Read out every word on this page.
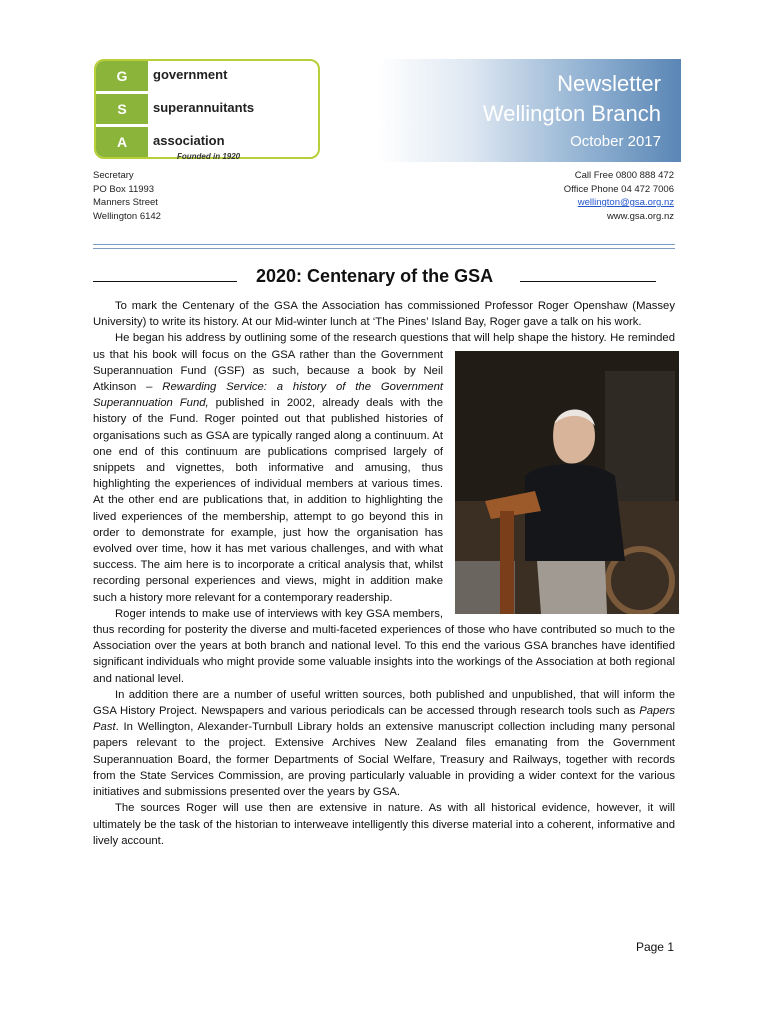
G	government
S	superannuitants
A	association
Founded in 1920
Newsletter
Wellington Branch
October 2017
Secretary
PO Box 11993
Manners Street
Wellington 6142
Call Free 0800 888 472
Office Phone 04 472 7006
wellington@gsa.org.nz
www.gsa.org.nz
2020: Centenary of the GSA

To mark the Centenary of the GSA the Association has commissioned Professor Roger Openshaw (Massey University) to write its history. At our Mid-winter lunch at ‘The Pines’ Island Bay, Roger gave a talk on his work.

He began his address by outlining some of the research questions that will help shape the history. He reminded us that his book will focus on the GSA rather than the Government Superannuation Fund (GSF) as such, because a book by Neil Atkinson – Rewarding Service: a history of the Government Superannuation Fund, published in 2002, already deals with the history of the Fund. Roger pointed out that published histories of organisations such as GSA are typically ranged along a continuum. At one end of this continuum are publications comprised largely of snippets and vignettes, both informative and amusing, thus highlighting the experiences of individual members at various times. At the other end are publications that, in addition to highlighting the lived experiences of the membership, attempt to go beyond this in order to demonstrate for example, just how the organisation has evolved over time, how it has met various challenges, and with what success. The aim here is to incorporate a critical analysis that, whilst recording personal experiences and views, might in addition make such a history more relevant for a contemporary readership.

Roger intends to make use of interviews with key GSA members, thus recording for posterity the diverse and multi-faceted experiences of those who have contributed so much to the Association over the years at both branch and national level. To this end the various GSA branches have identified significant individuals who might provide some valuable insights into the workings of the Association at both regional and national level.

In addition there are a number of useful written sources, both published and unpublished, that will inform the GSA History Project. Newspapers and various periodicals can be accessed through research tools such as Papers Past. In Wellington, Alexander-Turnbull Library holds an extensive manuscript collection including many personal papers relevant to the project. Extensive Archives New Zealand files emanating from the Government Superannuation Board, the former Departments of Social Welfare, Treasury and Railways, together with records from the State Services Commission, are proving particularly valuable in providing a wider context for the various initiatives and submissions presented over the years by GSA.

The sources Roger will use then are extensive in nature. As with all historical evidence, however, it will ultimately be the task of the historian to interweave intelligently this diverse material into a coherent, informative and lively account.

Page 1
